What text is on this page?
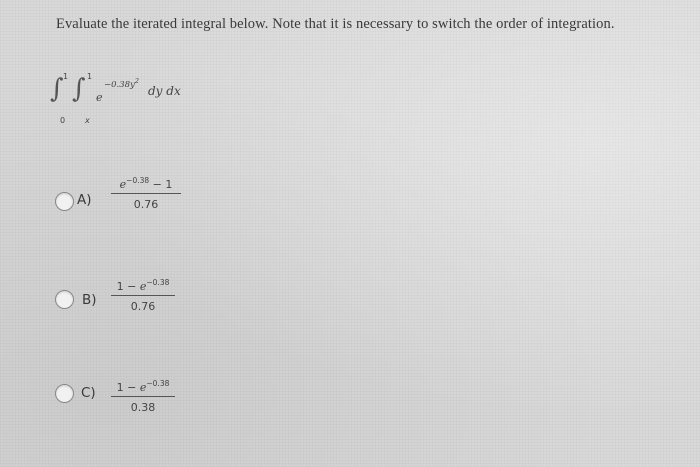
Evaluate the iterated integral below. Note that it is necessary to switch the order of integration.
∫ 1
0
∫ 1
x
e
$-0.38y^2$
dy dx
A)
$e^{-0.38} - 1$
0.76
B)
$1 - e^{-0.38}$
0.76
C)	$1 - e^{-0.38}$
0.38
